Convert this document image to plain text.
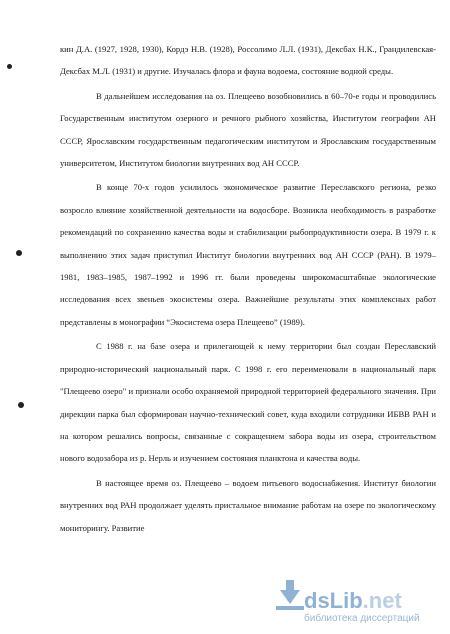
кин Д.А. (1927, 1928, 1930), Кордэ Н.В. (1928), Россолимо Л.Л. (1931), Дексбах Н.К., Грандилевская-Дексбах М.Л. (1931) и другие. Изучалась флора и фауна водоема, состояние водной среды.

В дальнейшем исследования на оз. Плещеево возобновились в 60–70-е годы и проводились Государственным институтом озерного и речного рыбного хозяйства, Институтом географии АН СССР, Ярославским государственным педагогическим институтом и Ярославским государственным университетом, Институтом биологии внутренних вод АН СССР.

В конце 70-х годов усилилось экономическое развитие Переславского региона, резко возросло влияние хозяйственной деятельности на водосборе. Возникла необходимость в разработке рекомендаций по сохранению качества воды и стабилизации рыбопродуктивности озера. В 1979 г. к выполнению этих задач приступил Институт биологии внутренних вод АН СССР (РАН). В 1979–1981, 1983–1985, 1987–1992 и 1996 гг. были проведены широкомасштабные экологические исследования всех звеньев экосистемы озера. Важнейшие результаты этих комплексных работ представлены в монографии “Экосистема озера Плещеево” (1989).

С 1988 г. на базе озера и прилегающей к нему территории был создан Переславский природно-исторический национальный парк. С 1998 г. его переименовали в национальный парк "Плещеево озеро" и признали особо охраняемой природной территорией федерального значения. При дирекции парка был сформирован научно-технический совет, куда входили сотрудники ИБВВ РАН и на котором решались вопросы, связанные с сокращением забора воды из озера, строительством нового водозабора из р. Нерль и изучением состояния планктона и качества воды.

В настоящее время оз. Плещеево – водоем питьевого водоснабжения. Институт биологии внутренних вод РАН продолжает уделять пристальное внимание работам на озере по экологическому мониторингу. Развитие

dsLib.net
библиотека диссертаций
